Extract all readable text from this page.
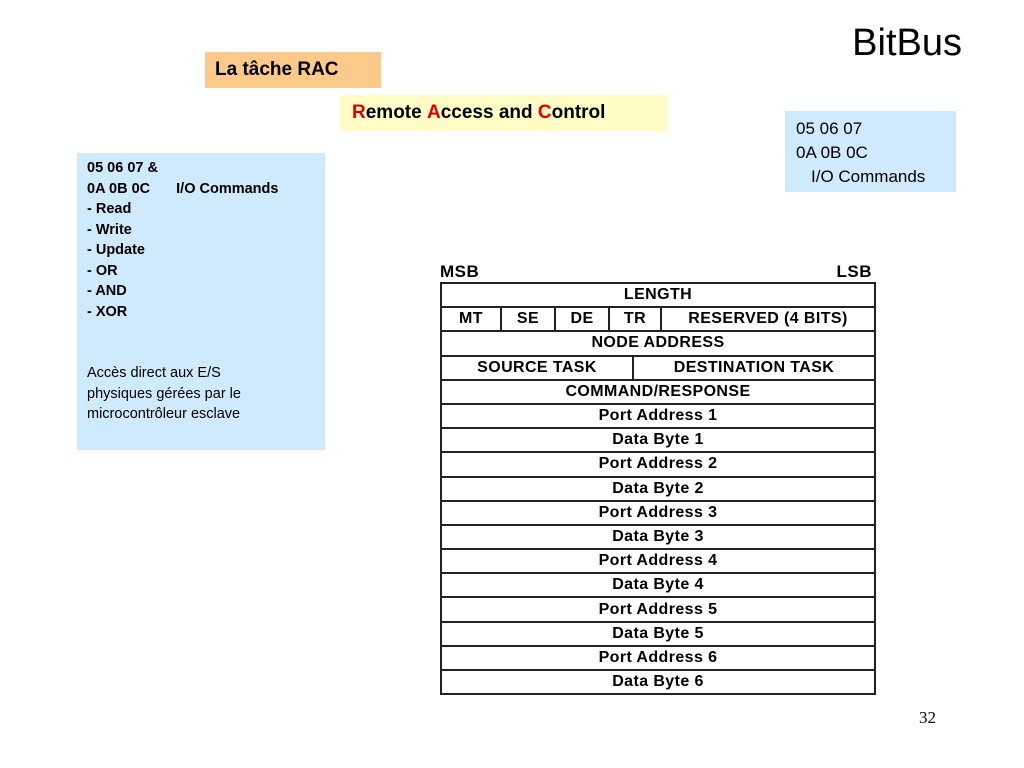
BitBus
La tâche RAC
R emote A ccess and C ontrol
05 06 07
0A 0B 0C
I/O Commands
05 06 07 &
0A 0B 0C I/O Commands
- Read
- Write
- Update
- OR
- AND
- XOR
Accès direct aux E/S
physiques gérées par le
microcontrôleur esclave
MSB	LSB
LENGTH
MT	SE	DE	TR	RESERVED (4 BITS)
NODE ADDRESS
SOURCE TASK	DESTINATION TASK
COMMAND/RESPONSE
Port Address 1
Data Byte 1
Port Address 2
Data Byte 2
Port Address 3
Data Byte 3
Port Address 4
Data Byte 4
Port Address 5
Data Byte 5
Port Address 6
Data Byte 6
32
